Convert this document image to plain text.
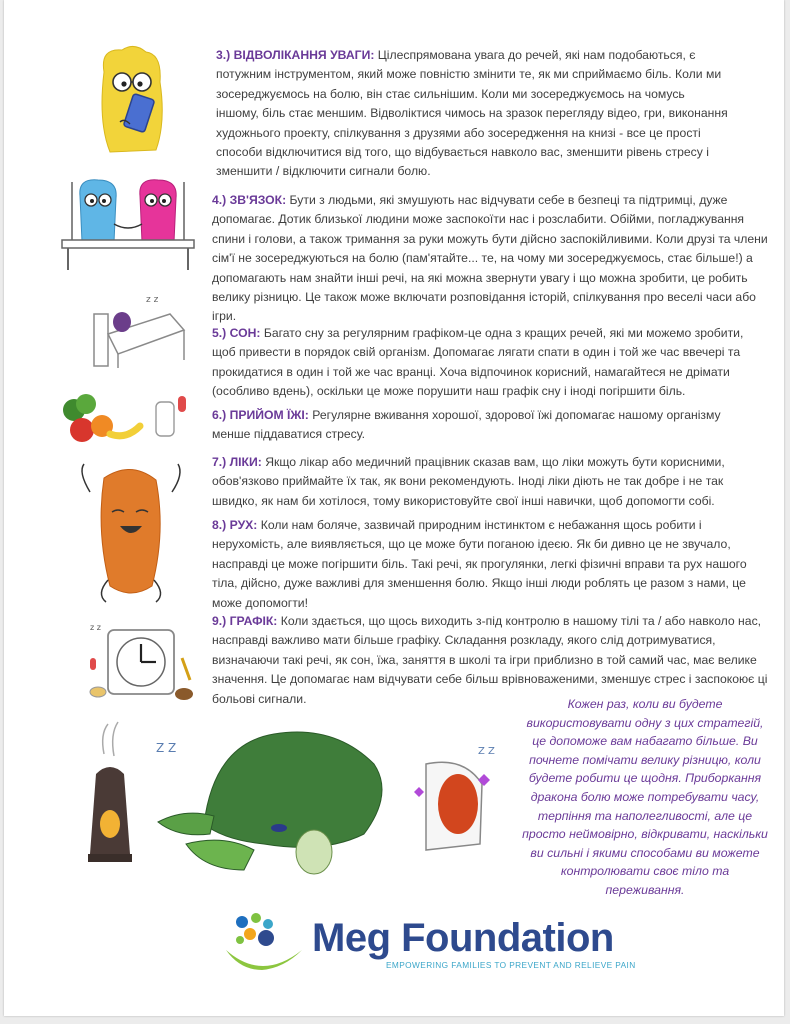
3.) ВІДВОЛІКАННЯ УВАГИ: Цілеспрямована увага до речей, які нам подобаються, є потужним інструментом, який може повністю змінити те, як ми сприймаємо біль. Коли ми зосереджуємось на болю, він стає сильнішим. Коли ми зосереджуємось на чомусь іншому, біль стає меншим. Відволіктися чимось на зразок перегляду відео, гри, виконання художнього проекту, спілкування з друзями або зосередження на книзі - все це прості способи відключитися від того, що відбувається навколо вас, зменшити рівень стресу і зменшити / відключити сигнали болю.
4.) ЗВ'ЯЗОК: Бути з людьми, які змушують нас відчувати себе в безпеці та підтримці, дуже допомагає. Дотик близької людини може заспокоїти нас і розслабити. Обійми, погладжування спини і голови, а також тримання за руки можуть бути дійсно заспокійливими. Коли друзі та члени сім'ї не зосереджуються на болю (пам'ятайте... те, на чому ми зосереджуємось, стає більше!) а допомагають нам знайти інші речі, на які можна звернути увагу і що можна зробити, це робить велику різницю. Це також може включати розповідання історій, спілкування про веселі часи або ігри.
5.) СОН: Багато сну за регулярним графіком-це одна з кращих речей, які ми можемо зробити, щоб привести в порядок свій організм. Допомагає лягати спати в один і той же час ввечері та прокидатися в один і той же час вранці. Хоча відпочинок корисний, намагайтеся не дрімати (особливо вдень), оскільки це може порушити наш графік сну і іноді погіршити біль.
6.) ПРИЙОМ ЇЖІ: Регулярне вживання хорошої, здорової їжі допомагає нашому організму менше піддаватися стресу.
7.) ЛІКИ: Якщо лікар або медичний працівник сказав вам, що ліки можуть бути корисними, обов'язково приймайте їх так, як вони рекомендують. Іноді ліки діють не так добре і не так швидко, як нам би хотілося, тому використовуйте свої інші навички, щоб допомогти собі.
8.) РУХ: Коли нам боляче, зазвичай природним інстинктом є небажання щось робити і нерухомість, але виявляється, що це може бути поганою ідеєю. Як би дивно це не звучало, насправді це може погіршити біль. Такі речі, як прогулянки, легкі фізичні вправи та рух нашого тіла, дійсно, дуже важливі для зменшення болю. Якщо інші люди роблять це разом з нами, це може допомогти!
9.) ГРАФІК: Коли здається, що щось виходить з-під контролю в нашому тілі та / або навколо нас, насправді важливо мати більше графіку. Складання розкладу, якого слід дотримуватися, визначаючи такі речі, як сон, їжа, заняття в школі та ігри приблизно в той самий час, має велике значення. Це допомагає нам відчувати себе більш врівноваженими, зменшує стрес і заспокоює ці больові сигнали.	Кожен раз, коли ви будете використовувати одну з цих стратегій, це допоможе вам набагато більше. Ви почнете помічати велику різницю, коли будете робити це щодня. Приборкання дракона болю може потребувати часу, терпіння та наполегливості, але це просто неймовірно, відкривати, наскільки ви сильні і якими способами ви можете контролювати своє тіло та переживання.
z z
z z
Z Z	Z Z
Meg Foundation
EMPOWERING FAMILIES TO PREVENT AND RELIEVE PAIN
